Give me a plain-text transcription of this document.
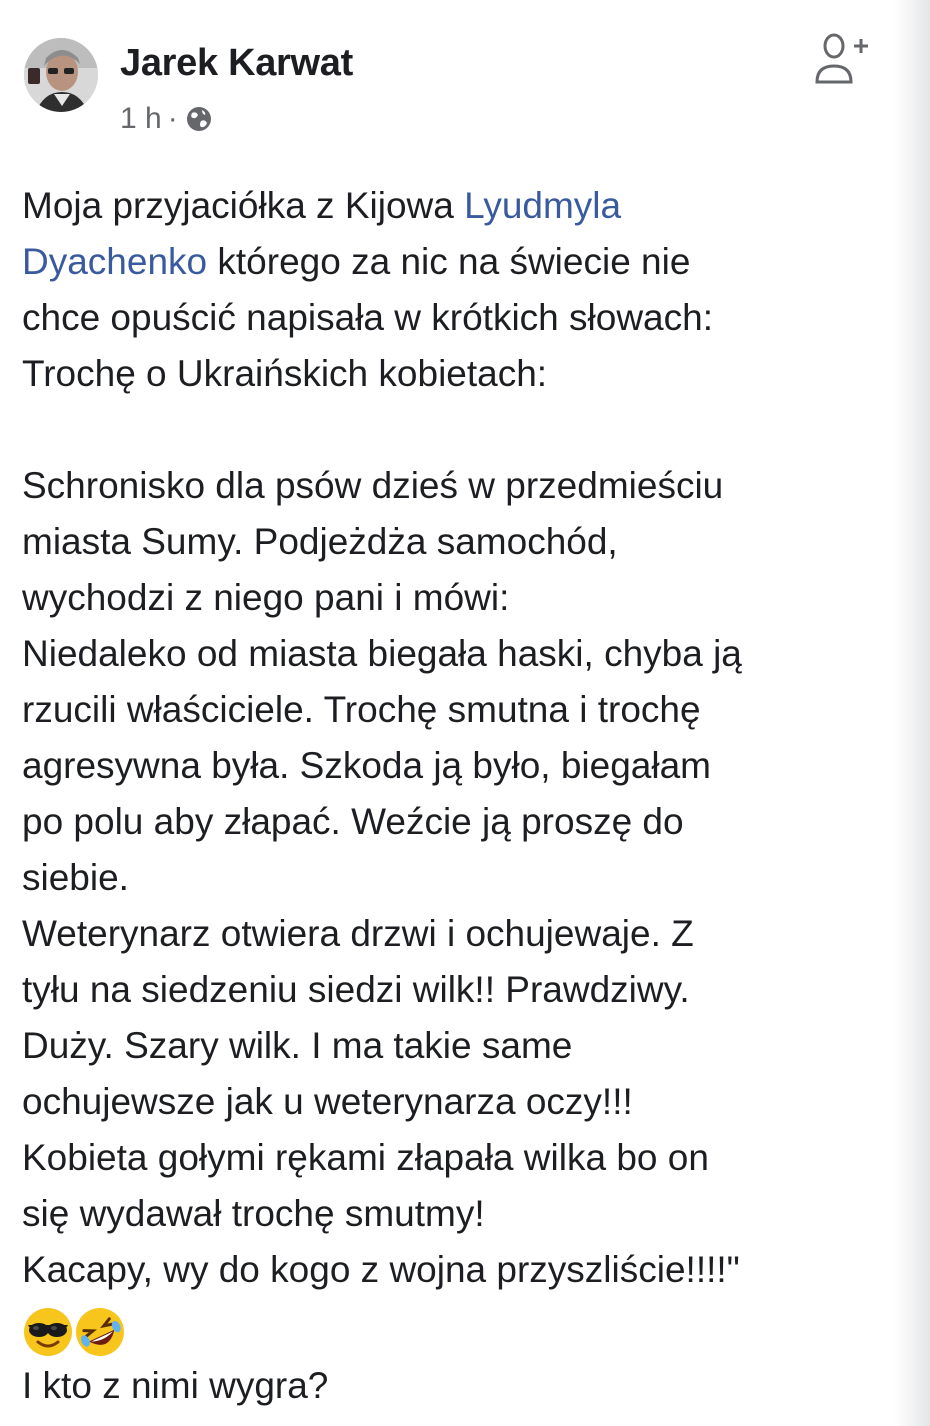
Jarek Karwat
1 h ·

Moja przyjaciółka z Kijowa Lyudmyla

Dyachenko którego za nic na świecie nie

chce opuścić napisała w krótkich słowach:

Trochę o Ukraińskich kobietach:

Schronisko dla psów dzieś w przedmieściu

miasta Sumy. Podjeżdża samochód,

wychodzi z niego pani i mówi:

Niedaleko od miasta biegała haski, chyba ją

rzucili właściciele. Trochę smutna i trochę

agresywna była. Szkoda ją było, biegałam

po polu aby złapać. Weźcie ją proszę do

siebie.

Weterynarz otwiera drzwi i ochujewaje. Z

tyłu na siedzeniu siedzi wilk!! Prawdziwy.

Duży. Szary wilk. I ma takie same

ochujewsze jak u weterynarza oczy!!!

Kobieta gołymi rękami złapała wilka bo on

się wydawał trochę smutmy!

Kacapy, wy do kogo z wojna przyszliście!!!!"

I kto z nimi wygra?
